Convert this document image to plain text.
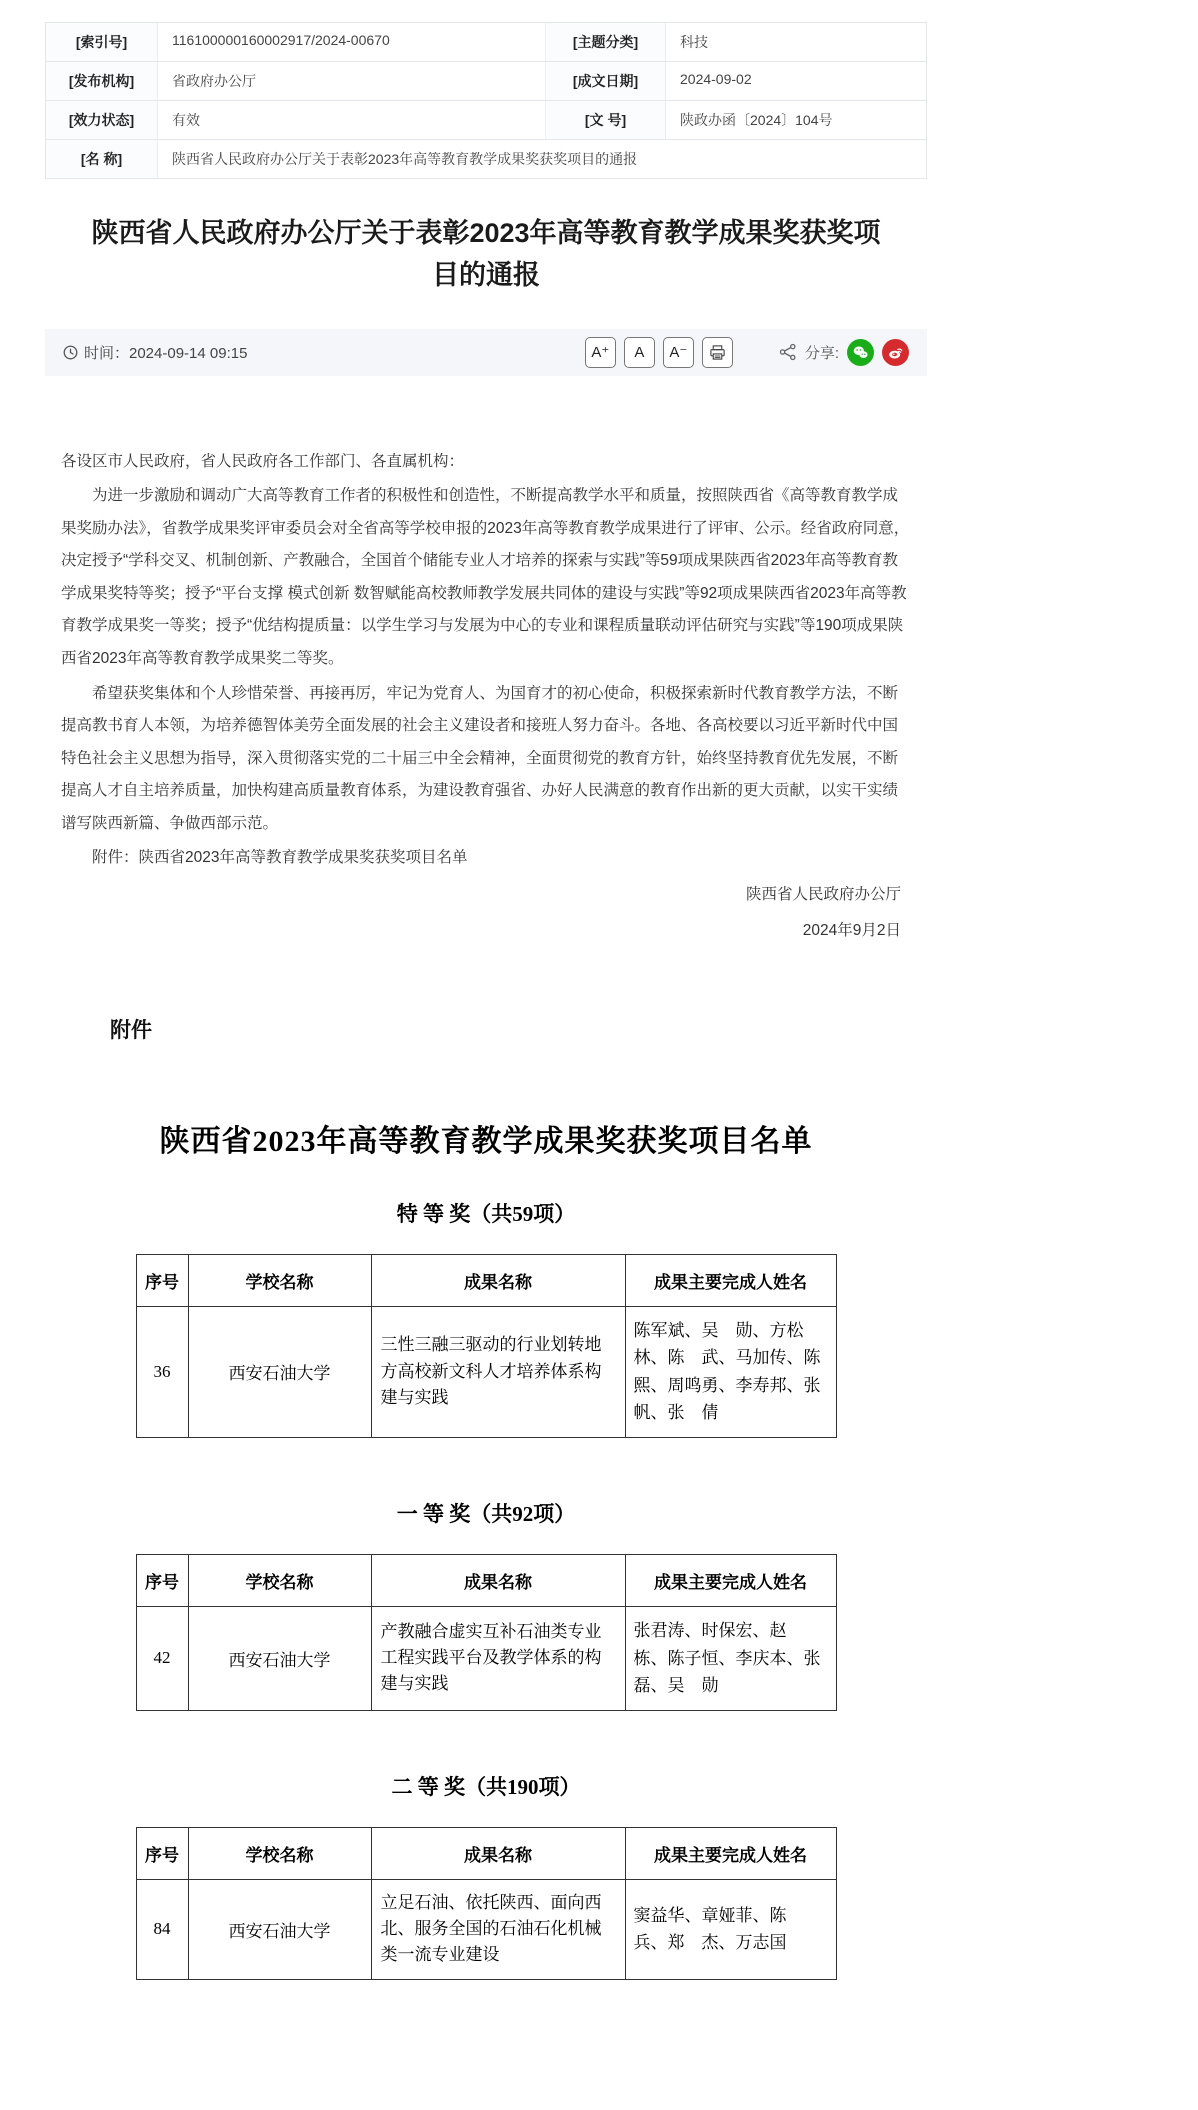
[索引号]	116100000160002917/2024-00670	[主题分类]	科技
[发布机构]	省政府办公厅	[成文日期]	2024-09-02
[效力状态]	有效	[文 号]	陕政办函〔2024〕104号
[名 称]	陕西省人民政府办公厅关于表彰2023年高等教育教学成果奖获奖项目的通报
陕西省人民政府办公厅关于表彰2023年高等教育教学成果奖获奖项目的通报
时间：2024-09-14 09:15	A⁺	A	A⁻	分享:

各设区市人民政府，省人民政府各工作部门、各直属机构：

为进一步激励和调动广大高等教育工作者的积极性和创造性，不断提高教学水平和质量，按照陕西省《高等教育教学成果奖励办法》，省教学成果奖评审委员会对全省高等学校申报的2023年高等教育教学成果进行了评审、公示。经省政府同意，决定授予“学科交叉、机制创新、产教融合，全国首个储能专业人才培养的探索与实践”等59项成果陕西省2023年高等教育教学成果奖特等奖；授予“平台支撑 模式创新 数智赋能高校教师教学发展共同体的建设与实践”等92项成果陕西省2023年高等教育教学成果奖一等奖；授予“优结构提质量：以学生学习与发展为中心的专业和课程质量联动评估研究与实践”等190项成果陕西省2023年高等教育教学成果奖二等奖。

希望获奖集体和个人珍惜荣誉、再接再厉，牢记为党育人、为国育才的初心使命，积极探索新时代教育教学方法，不断提高教书育人本领，为培养德智体美劳全面发展的社会主义建设者和接班人努力奋斗。各地、各高校要以习近平新时代中国特色社会主义思想为指导，深入贯彻落实党的二十届三中全会精神，全面贯彻党的教育方针，始终坚持教育优先发展，不断提高人才自主培养质量，加快构建高质量教育体系，为建设教育强省、办好人民满意的教育作出新的更大贡献，以实干实绩谱写陕西新篇、争做西部示范。

附件：陕西省2023年高等教育教学成果奖获奖项目名单

陕西省人民政府办公厅

2024年9月2日

附件
陕西省2023年高等教育教学成果奖获奖项目名单
特 等 奖（共59项）
序号	学校名称	成果名称	成果主要完成人姓名
36	西安石油大学	三性三融三驱动的行业划转地方高校新文科人才培养体系构建与实践	陈军斌、吴　勋、方松林、陈　武、马加传、陈　熙、周鸣勇、李寿邦、张　帆、张　倩
一 等 奖（共92项）
序号	学校名称	成果名称	成果主要完成人姓名
42	西安石油大学	产教融合虚实互补石油类专业工程实践平台及教学体系的构建与实践	张君涛、时保宏、赵　栋、陈子恒、李庆本、张　磊、吴　勋
二 等 奖（共190项）
序号	学校名称	成果名称	成果主要完成人姓名
84	西安石油大学	立足石油、依托陕西、面向西北、服务全国的石油石化机械类一流专业建设	窦益华、章娅菲、陈　兵、郑　杰、万志国
